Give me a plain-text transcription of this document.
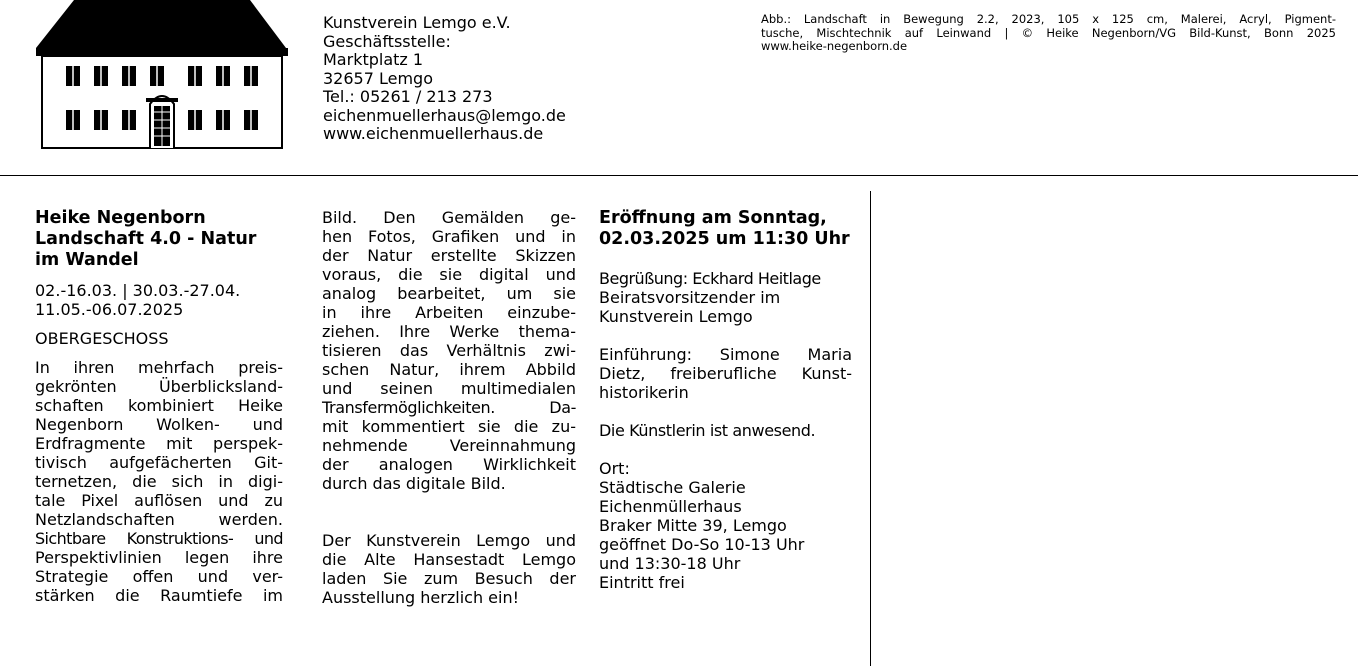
Kunstverein Lemgo e.V.
Geschäftsstelle:
Marktplatz 1
32657 Lemgo
Tel.: 05261 / 213 273
eichenmuellerhaus@lemgo.de
www.eichenmuellerhaus.de
Abb.: Landschaft in Bewegung 2.2, 2023, 105 x 125 cm, Malerei, Acryl, Pigment-
tusche, Mischtechnik auf Leinwand | © Heike Negenborn/VG Bild-Kunst, Bonn 2025
www.heike-negenborn.de
Heike Negenborn
Landschaft 4.0 - Natur
im Wandel
02.-16.03. | 30.03.-27.04.
11.05.-06.07.2025
OBERGESCHOSS
In ihren mehrfach preis-
gekrönten Überblicksland-
schaften kombiniert Heike
Negenborn Wolken- und
Erdfragmente mit perspek-
tivisch aufgefächerten Git-
ternetzen, die sich in digi-
tale Pixel auflösen und zu
Netzlandschaften werden.
Sichtbare Konstruktions- und
Perspektivlinien legen ihre
Strategie offen und ver-
stärken die Raumtiefe im
Bild. Den Gemälden ge-
hen Fotos, Grafiken und in
der Natur erstellte Skizzen
voraus, die sie digital und
analog bearbeitet, um sie
in ihre Arbeiten einzube-
ziehen. Ihre Werke thema-
tisieren das Verhältnis zwi-
schen Natur, ihrem Abbild
und seinen multimedialen
Transfermöglichkeiten. Da-
mit kommentiert sie die zu-
nehmende Vereinnahmung
der analogen Wirklichkeit
durch das digitale Bild.
Der Kunstverein Lemgo und
die Alte Hansestadt Lemgo
laden Sie zum Besuch der
Ausstellung herzlich ein!
Eröffnung am Sonntag,
02.03.2025 um 11:30 Uhr
Begrüßung: Eckhard Heitlage
Beiratsvorsitzender im
Kunstverein Lemgo
Einführung: Simone Maria
Dietz, freiberufliche Kunst-
historikerin
Die Künstlerin ist anwesend.
Ort:
Städtische Galerie
Eichenmüllerhaus
Braker Mitte 39, Lemgo
geöffnet Do-So 10-13 Uhr
und 13:30-18 Uhr
Eintritt frei
